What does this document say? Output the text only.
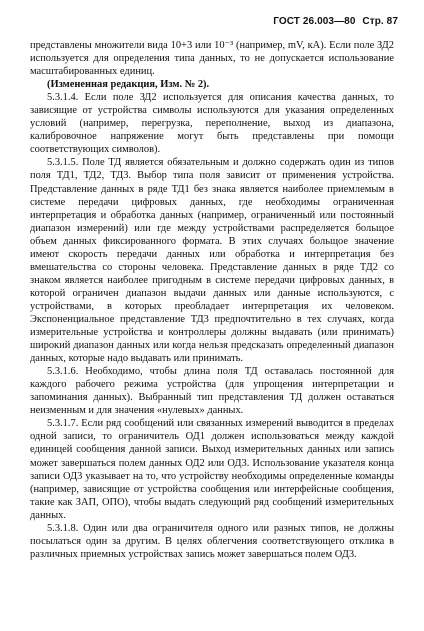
ГОСТ 26.003—80 Стр. 87

представлены множители вида 10+3 или 10⁻³ (например, mV, кА). Если поле ЗД2 используется для определения типа данных, то не допускается использование масштабированных единиц.

(Измененная редакция, Изм. № 2).

5.3.1.4. Если поле ЗД2 используется для описания качества данных, то зависящие от устройства символы используются для указания определенных условий (например, перегрузка, переполнение, выход из диапазона, калибровочное напряжение могут быть представлены при помощи соответствующих символов).

5.3.1.5. Поле ТД является обязательным и должно содержать один из типов поля ТД1, ТД2, ТД3. Выбор типа поля зависит от применения устройства. Представление данных в ряде ТД1 без знака является наиболее приемлемым в системе передачи цифровых данных, где необходимы ограниченная интерпретация и обработка данных (например, ограниченный или постоянный диапазон измерений) или где между устройствами распределяется больщое объем данных фиксированного формата. В этих случаях больщое значение имеют скорость передачи данных или обработка и интерпретация без вмешательства со стороны человека. Представление данных в ряде ТД2 со знаком является наиболее пригодным в системе передачи цифровых данных, в которой ограничен диапазон выдачи данных или данные используются, с устройствами, в которых преобладает интерпретация их человеком. Экспоненциальное представление ТД3 предпочтительно в тех случаях, когда измерительные устройства и контроллеры должны выдавать (или принимать) широкий диапазон данных или когда нельзя предсказать определенный диапазон данных, которые надо выдавать или принимать.

5.3.1.6. Необходимо, чтобы длина поля ТД оставалась постоянной для каждого рабочего режима устройства (для упрощения интерпретации и запоминания данных). Выбранный тип представления ТД должен оставаться неизменным и для значения «нулевых» данных.

5.3.1.7. Если ряд сообщений или связанных измерений выводится в пределах одной записи, то ограничитель ОД1 должен использоваться между каждой единицей сообщения данной записи. Выход измерительных данных или запись может завершаться полем данных ОД2 или ОД3. Использование указателя конца записи ОД3 указывает на то, что устройству необходимы определенные команды (например, зависящие от устройства сообщения или интерфейсные сообщения, такие как ЗАП, ОПО), чтобы выдать следующий ряд сообщений измерительных данных.

5.3.1.8. Один или два ограничителя одного или разных типов, не должны посылаться один за другим. В целях облегчения соответствующего отклика в различных приемных устройствах запись может завершаться полем ОД3.
